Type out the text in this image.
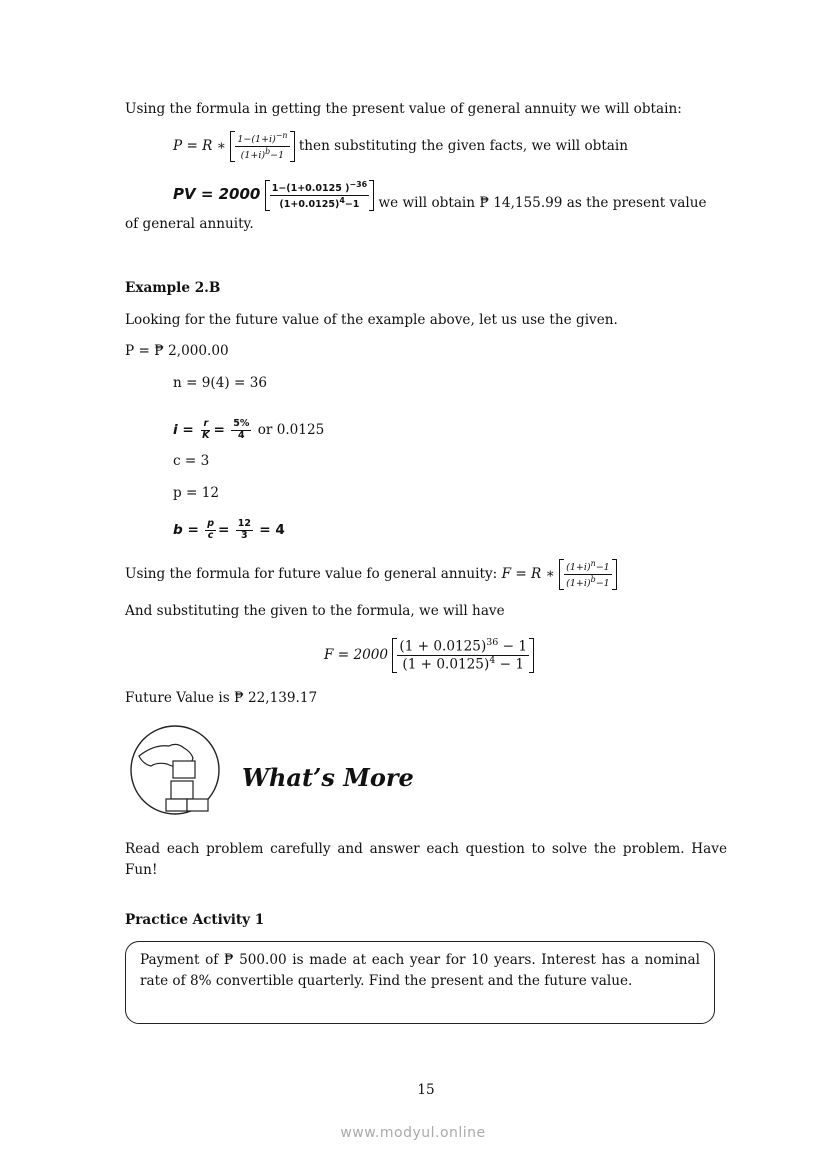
Using the formula in getting the present value of general annuity we will obtain:
P = R ∗ $\frac{1-(1+i)^{-n}}{(1+i)^b-1}$ then substituting the given facts, we will obtain
PV = $2000 \frac{1-(1+0.0125 )^{-36}}{(1+0.0125)^4-1}$ we will obtain ₱ 14,155.99 as the present value
of general annuity.
Example 2.B
Looking for the future value of the example above, let us use the given.
P = ₱ 2,000.00
n = 9(4) = 36
$i = \frac{r}{K} = \frac{5\%}{4}$ or 0.0125
c = 3
p = 12
$b = \frac{p}{c} = \frac{12}{3} = 4$
Using the formula for future value fo general annuity: F = R ∗ $\frac{(1+i)^n-1}{(1+i)^b-1}$
And substituting the given to the formula, we will have
$F = 2000 \frac{(1 + 0.0125)^{36} - 1}{(1 + 0.0125)^4 - 1}$
Future Value is ₱ 22,139.17
What’s More
Read each problem carefully and answer each question to solve the problem. Have Fun!
Practice Activity 1
Payment of ₱ 500.00 is made at each year for 10 years. Interest has a nominal rate of 8% convertible quarterly. Find the present and the future value.
15
www.modyul.online
